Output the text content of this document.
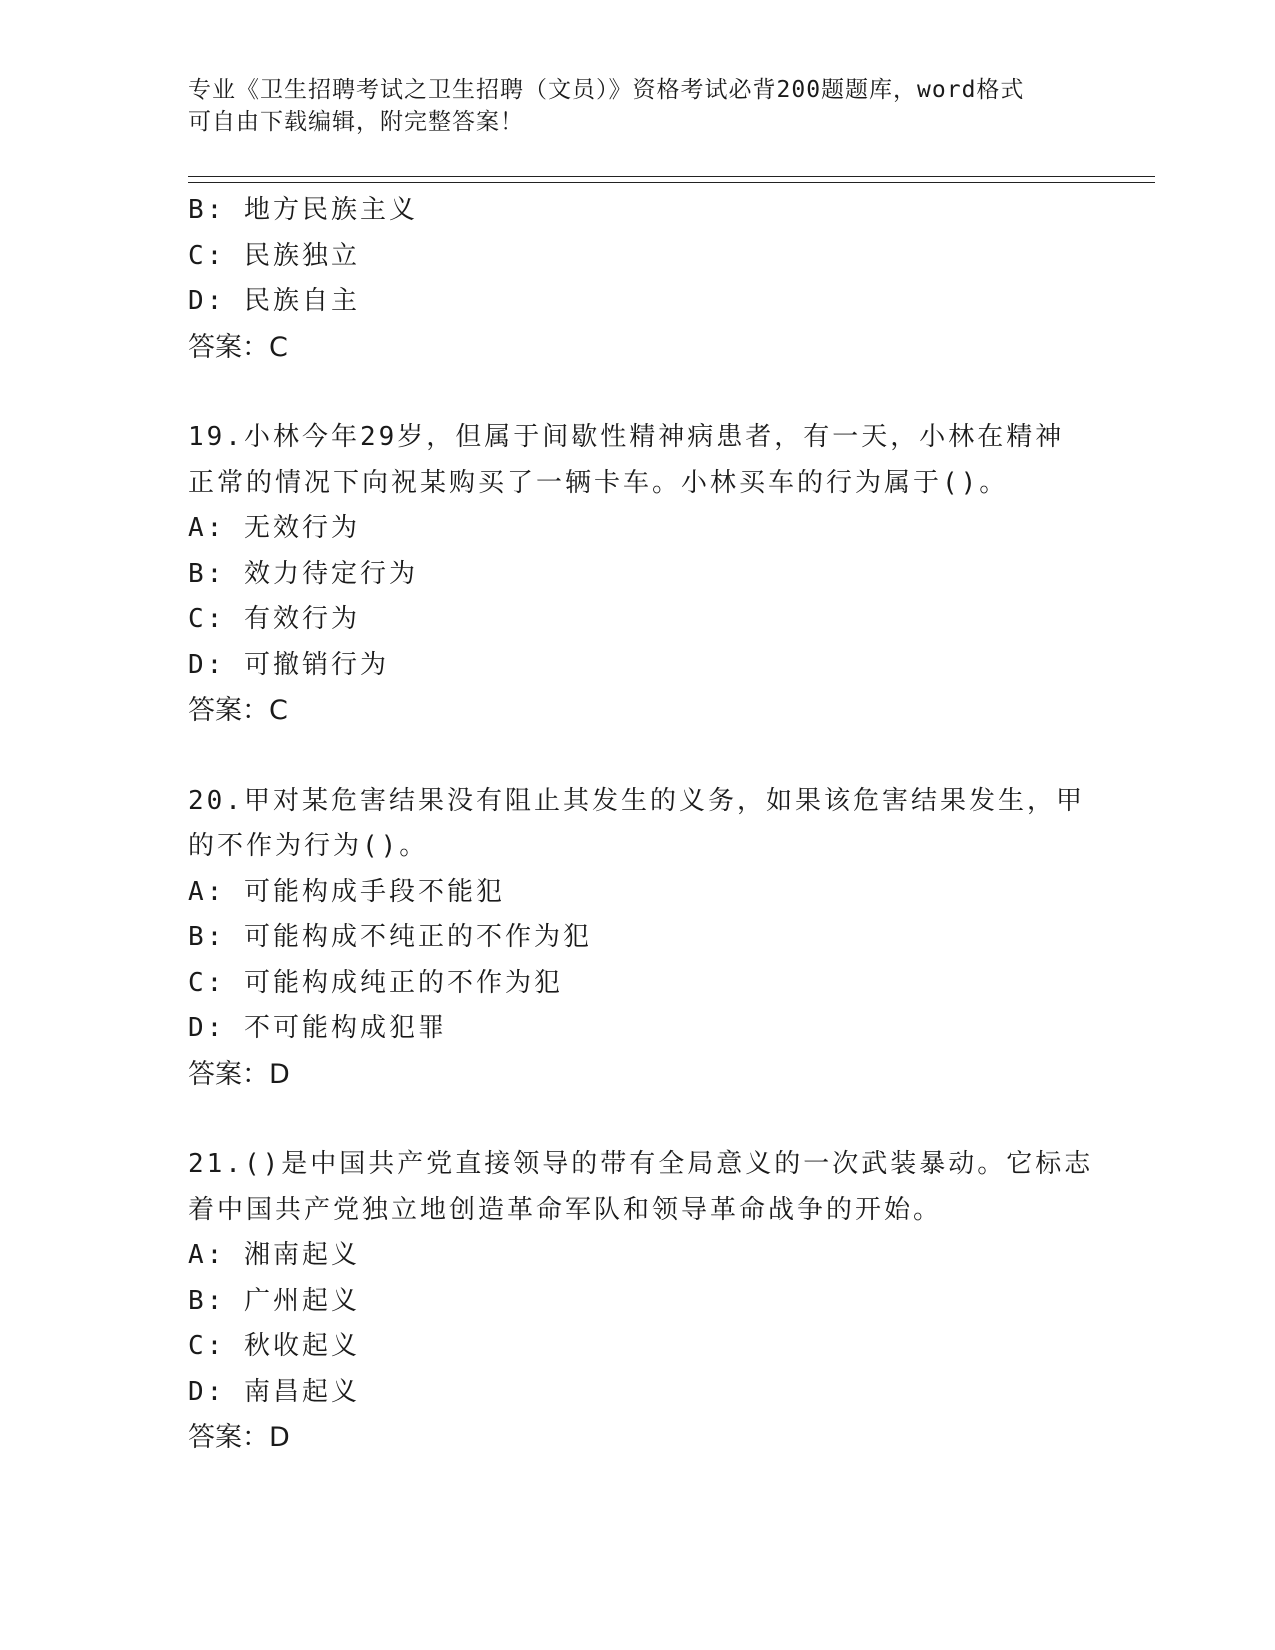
专业《卫生招聘考试之卫生招聘（文员）》资格考试必背200题题库，word格式
可自由下载编辑，附完整答案！
B: 地方民族主义
C: 民族独立
D: 民族自主
答案：C
19.小林今年29岁，但属于间歇性精神病患者，有一天，小林在精神
正常的情况下向祝某购买了一辆卡车。小林买车的行为属于()。
A: 无效行为
B: 效力待定行为
C: 有效行为
D: 可撤销行为
答案：C
20.甲对某危害结果没有阻止其发生的义务，如果该危害结果发生，甲
的不作为行为()。
A: 可能构成手段不能犯
B: 可能构成不纯正的不作为犯
C: 可能构成纯正的不作为犯
D: 不可能构成犯罪
答案：D
21.()是中国共产党直接领导的带有全局意义的一次武装暴动。它标志
着中国共产党独立地创造革命军队和领导革命战争的开始。
A: 湘南起义
B: 广州起义
C: 秋收起义
D: 南昌起义
答案：D
